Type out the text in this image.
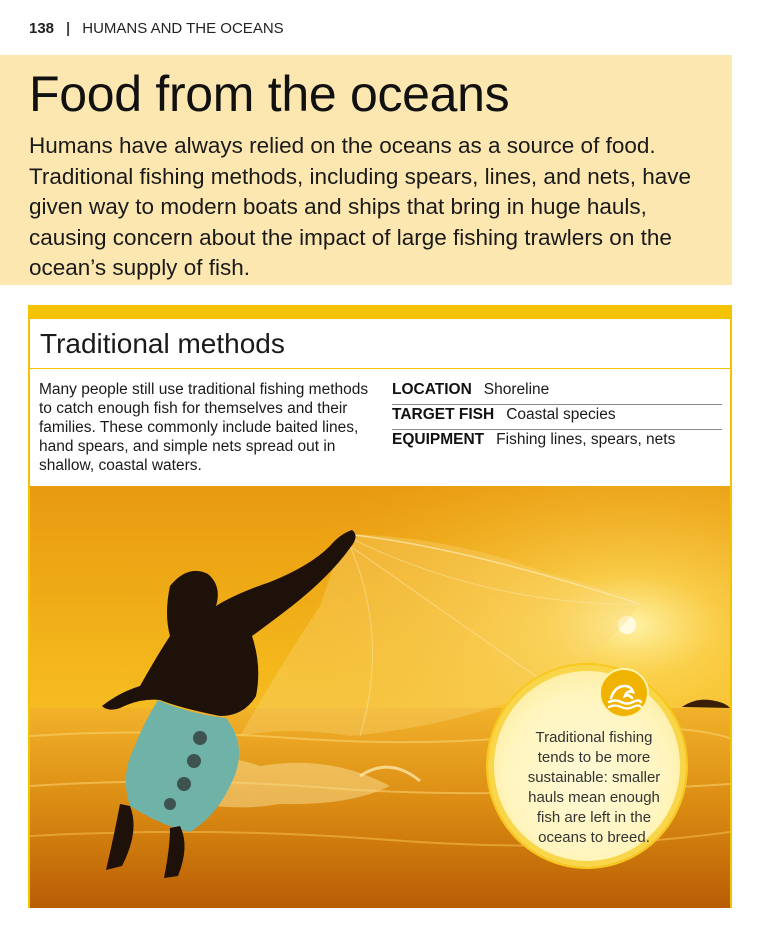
138 | HUMANS AND THE OCEANS
Food from the oceans

Humans have always relied on the oceans as a source of food. Traditional fishing methods, including spears, lines, and nets, have given way to modern boats and ships that bring in huge hauls, causing concern about the impact of large fishing trawlers on the ocean’s supply of fish.

Traditional methods
Many people still use traditional fishing methods to catch enough fish for themselves and their families. These commonly include baited lines, hand spears, and simple nets spread out in shallow, coastal waters.
LOCATION Shoreline
TARGET FISH Coastal species
EQUIPMENT Fishing lines, spears, nets
Traditional fishing tends to be more sustainable: smaller hauls mean enough fish are left in the oceans to breed.
